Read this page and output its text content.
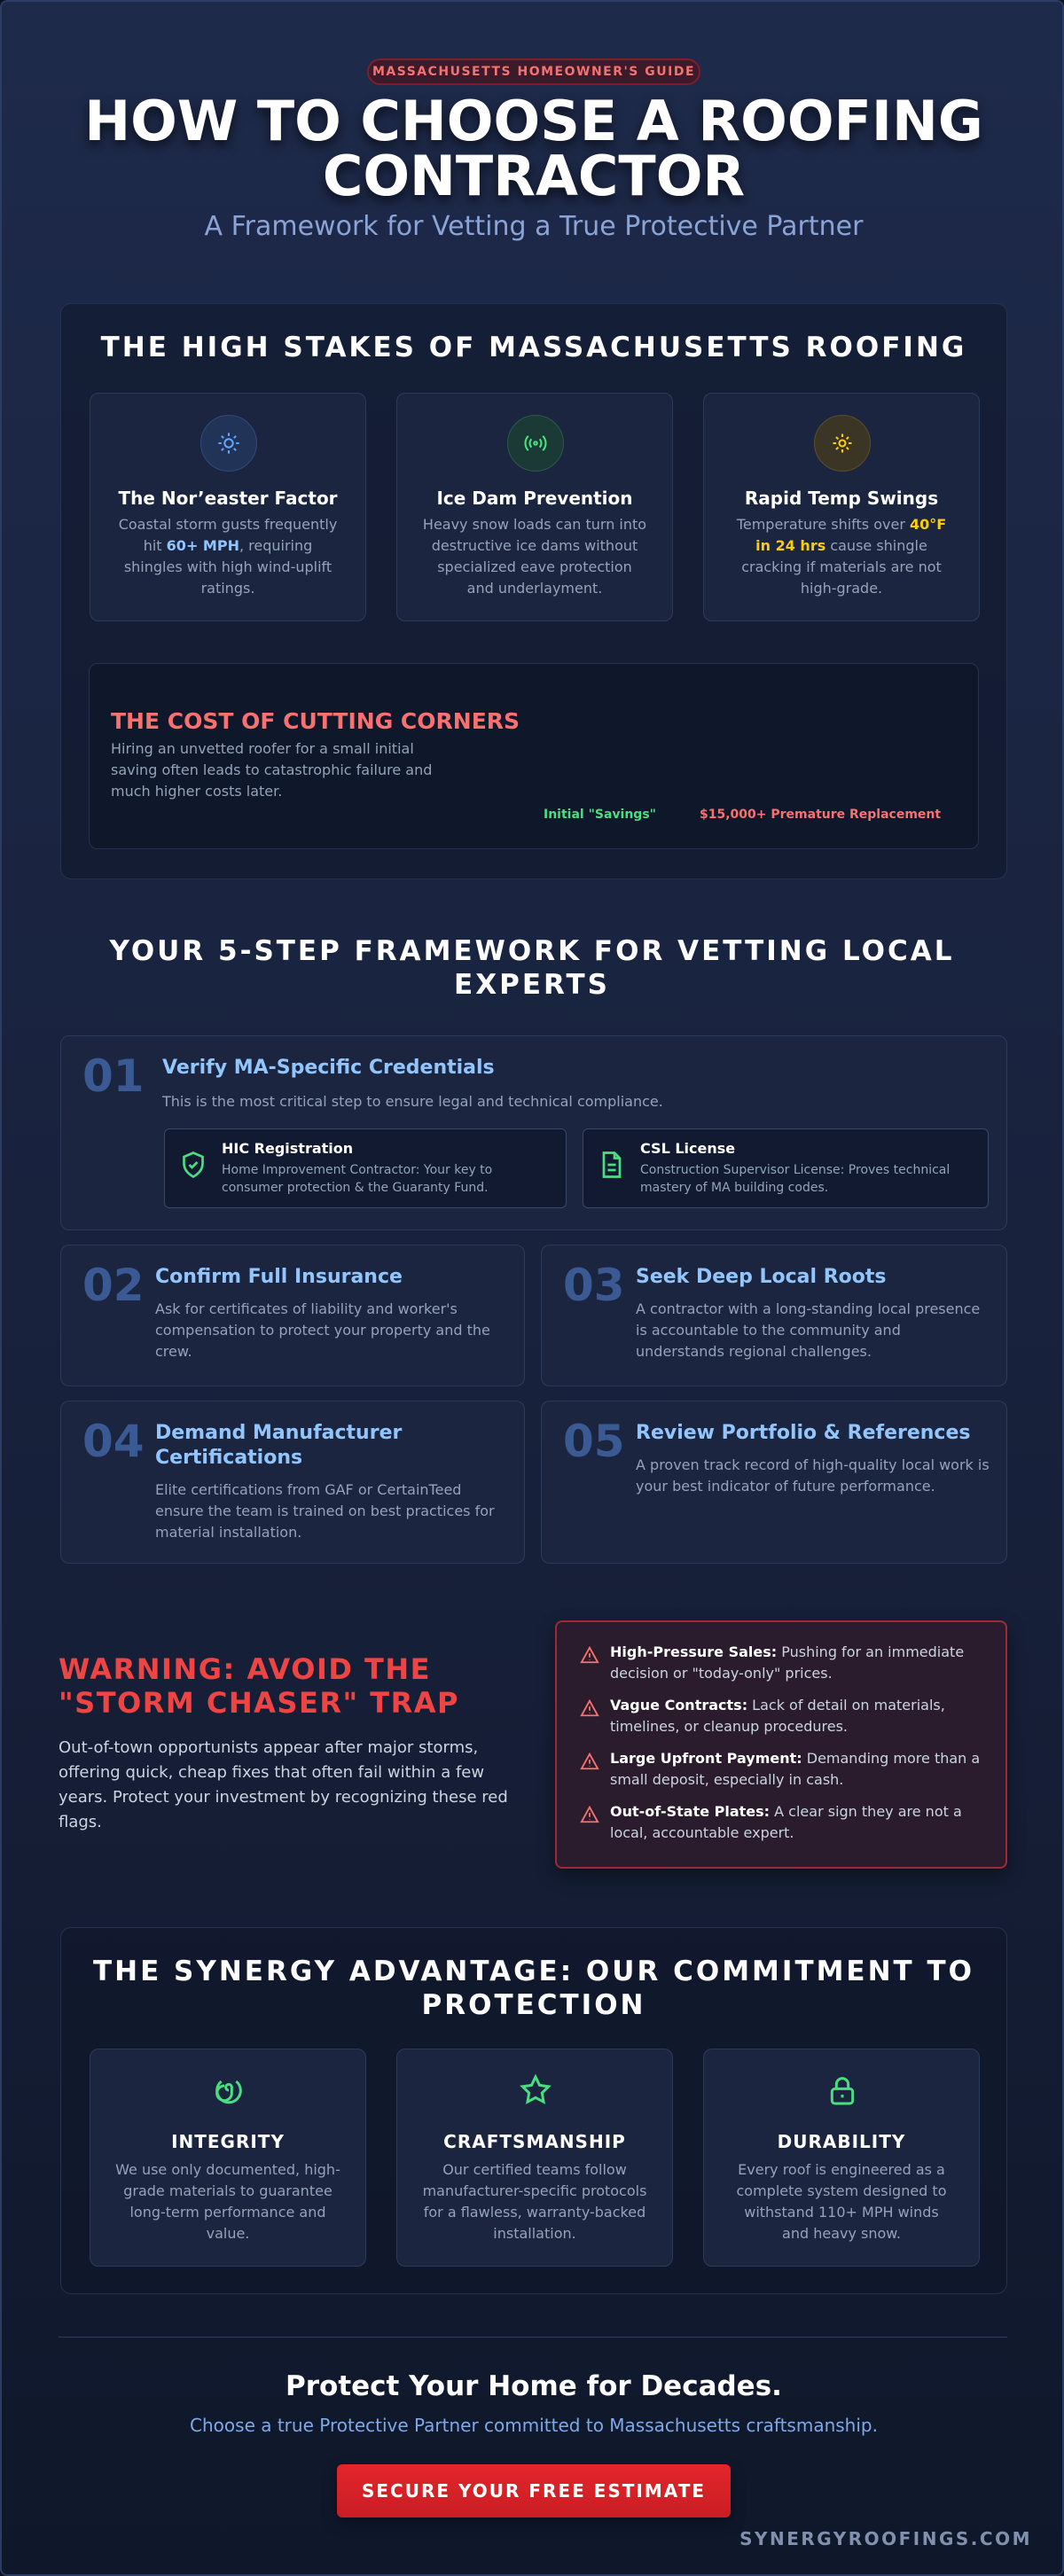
MASSACHUSETTS HOMEOWNER'S GUIDE
HOW TO CHOOSE A ROOFING
CONTRACTOR
A Framework for Vetting a True Protective Partner
THE HIGH STAKES OF MASSACHUSETTS ROOFING
The Nor’easter Factor
Coastal storm gusts frequently hit 60+ MPH, requiring shingles with high wind-uplift ratings.
Ice Dam Prevention
Heavy snow loads can turn into destructive ice dams without specialized eave protection and underlayment.
Rapid Temp Swings
Temperature shifts over 40°F in 24 hrs cause shingle cracking if materials are not high-grade.
THE COST OF CUTTING CORNERS
Hiring an unvetted roofer for a small initial saving often leads to catastrophic failure and much higher costs later.
Initial "Savings"	$15,000+ Premature Replacement
YOUR 5-STEP FRAMEWORK FOR VETTING LOCAL
EXPERTS
01 Verify MA-Specific Credentials
This is the most critical step to ensure legal and technical compliance.
HIC Registration
Home Improvement Contractor: Your key to consumer protection & the Guaranty Fund.
CSL License
Construction Supervisor License: Proves technical mastery of MA building codes.
02 Confirm Full Insurance
Ask for certificates of liability and worker's compensation to protect your property and the crew.
03 Seek Deep Local Roots
A contractor with a long-standing local presence is accountable to the community and understands regional challenges.
04 Demand Manufacturer Certifications
Elite certifications from GAF or CertainTeed ensure the team is trained on best practices for material installation.
05 Review Portfolio & References
A proven track record of high-quality local work is your best indicator of future performance.
WARNING: AVOID THE
"STORM CHASER" TRAP
Out-of-town opportunists appear after major storms, offering quick, cheap fixes that often fail within a few years. Protect your investment by recognizing these red flags.
High-Pressure Sales: Pushing for an immediate decision or "today-only" prices.
Vague Contracts: Lack of detail on materials, timelines, or cleanup procedures.
Large Upfront Payment: Demanding more than a small deposit, especially in cash.
Out-of-State Plates: A clear sign they are not a local, accountable expert.
THE SYNERGY ADVANTAGE: OUR COMMITMENT TO
PROTECTION
INTEGRITY
We use only documented, high-grade materials to guarantee long-term performance and value.
CRAFTSMANSHIP
Our certified teams follow manufacturer-specific protocols for a flawless, warranty-backed installation.
DURABILITY
Every roof is engineered as a complete system designed to withstand 110+ MPH winds and heavy snow.
Protect Your Home for Decades.
Choose a true Protective Partner committed to Massachusetts craftsmanship.
SECURE YOUR FREE ESTIMATE
SYNERGYROOFINGS.COM
